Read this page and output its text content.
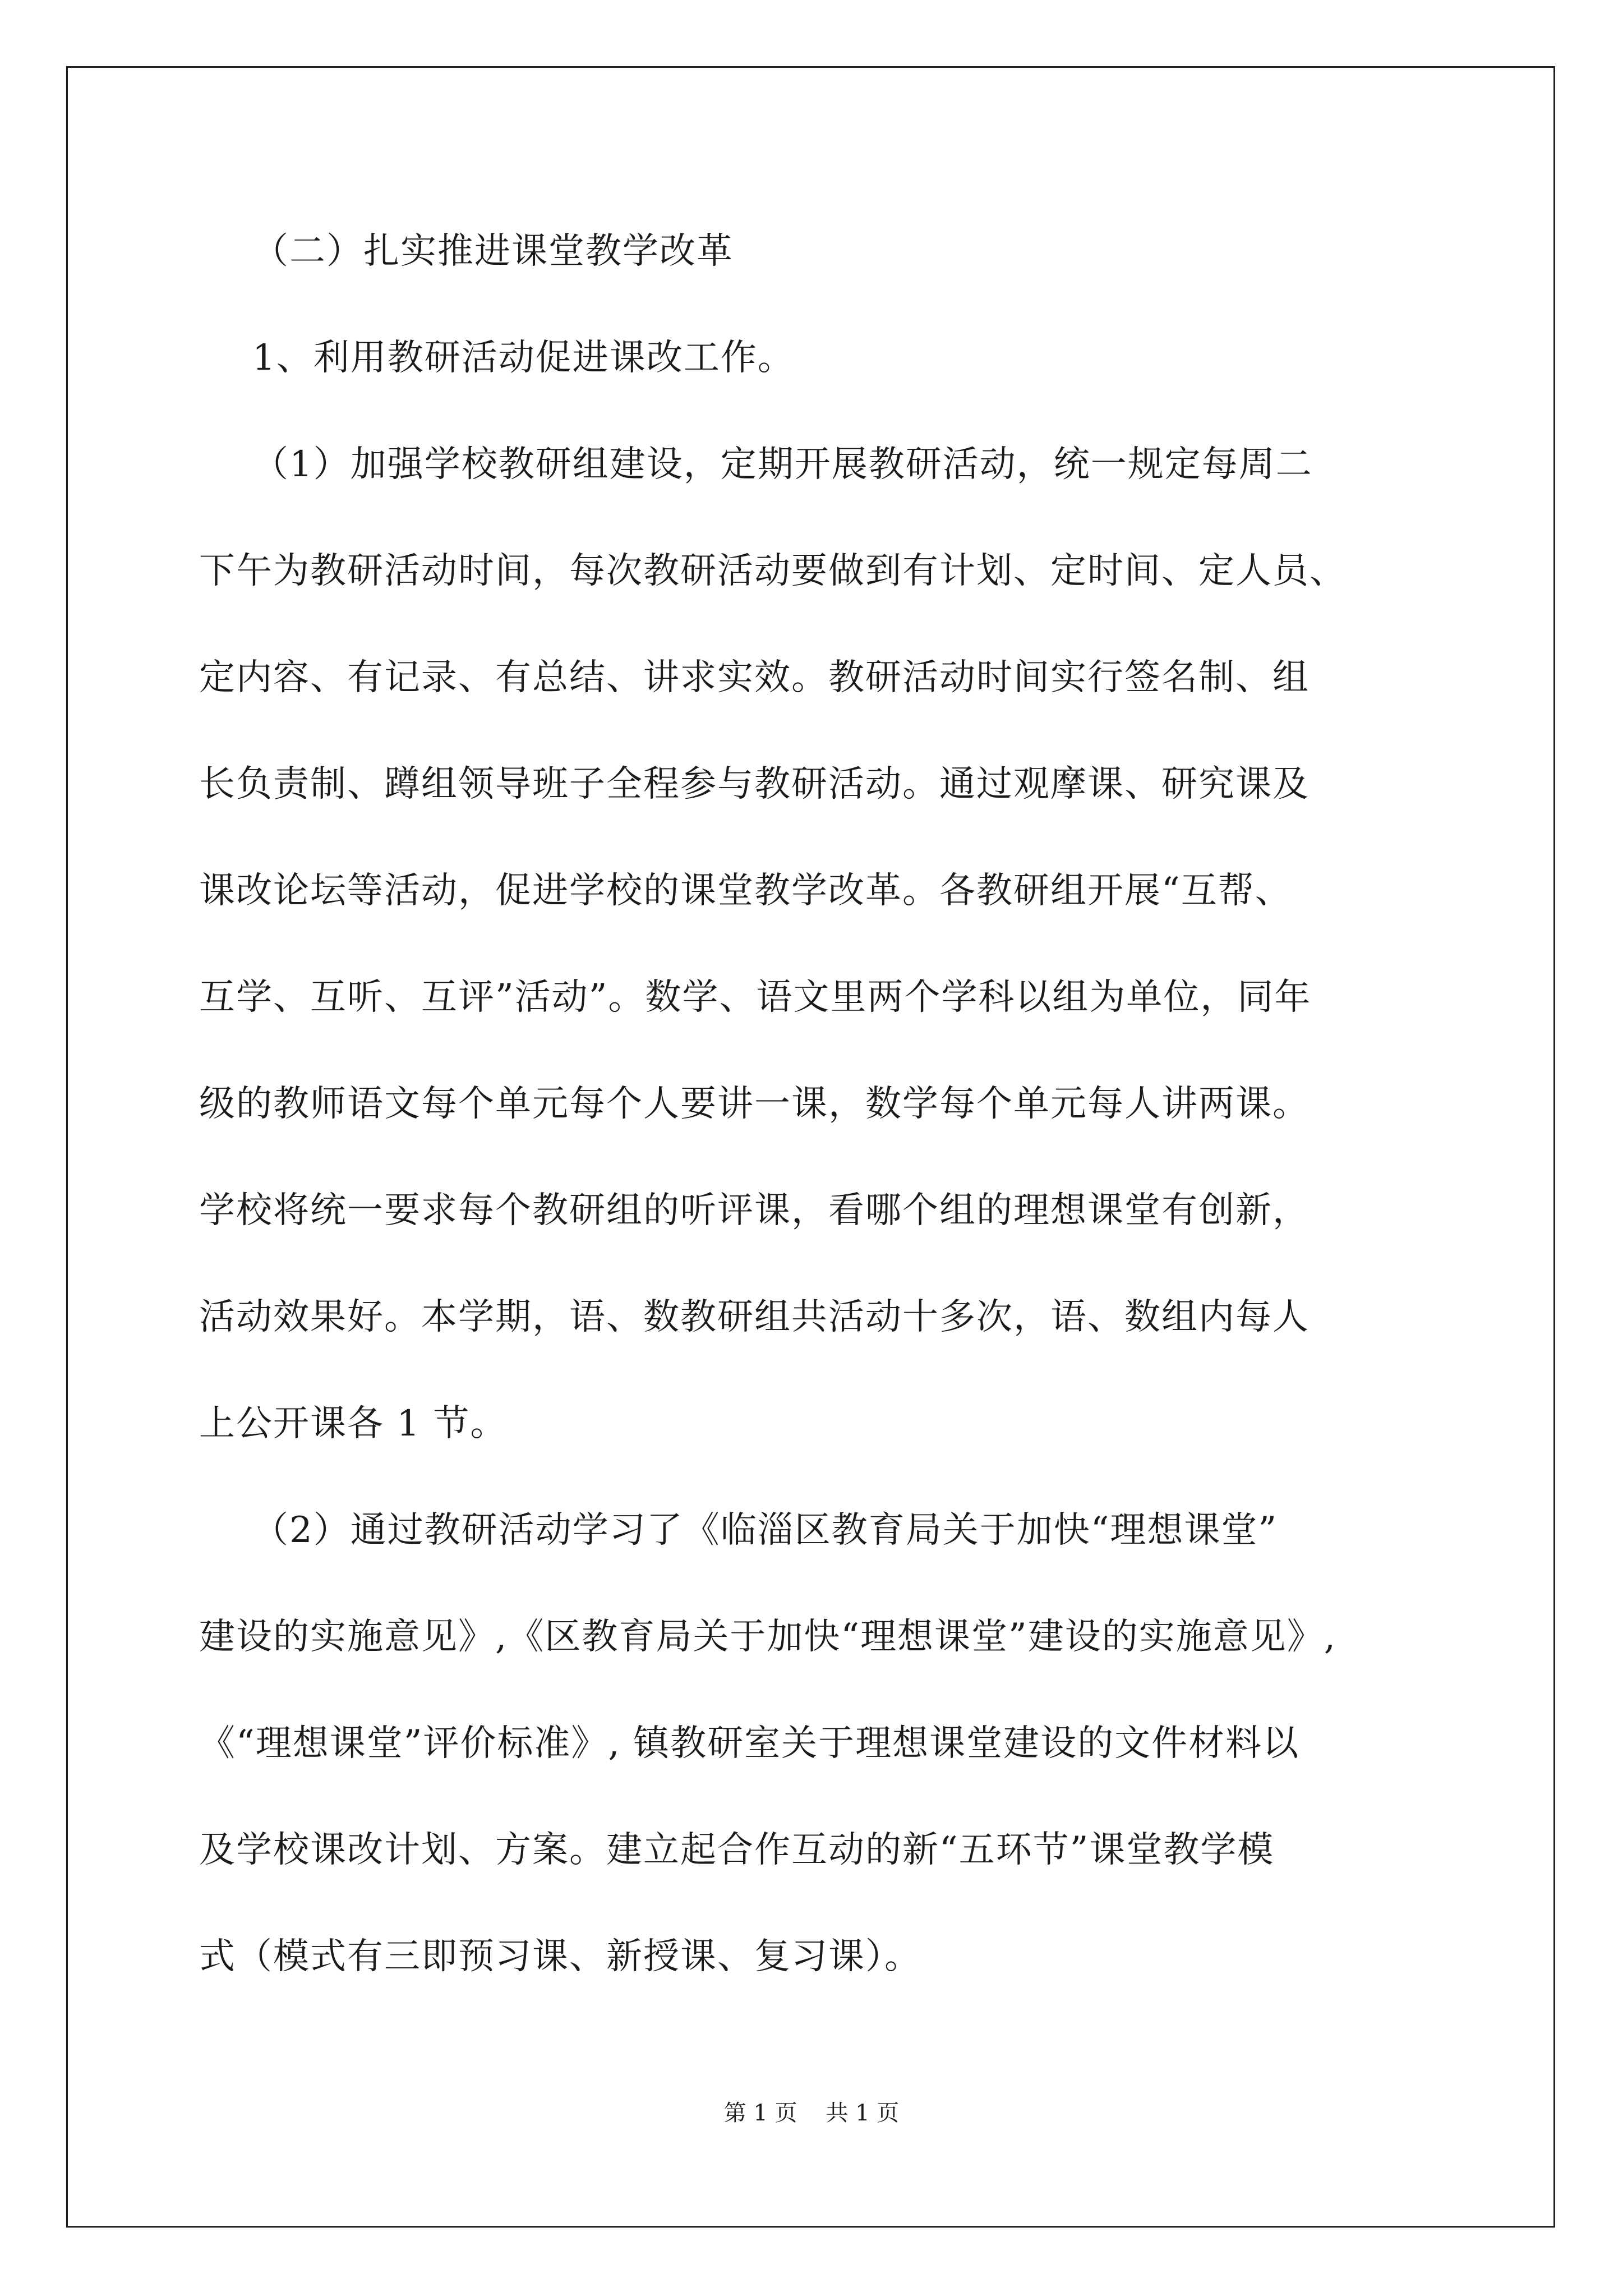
（二）扎实推进课堂教学改革
1、利用教研活动促进课改工作。
（1）加强学校教研组建设，定期开展教研活动，统一规定每周二
下午为教研活动时间，每次教研活动要做到有计划、定时间、定人员、
定内容、有记录、有总结、讲求实效。教研活动时间实行签名制、组
长负责制、蹲组领导班子全程参与教研活动。通过观摩课、研究课及
课改论坛等活动，促进学校的课堂教学改革。各教研组开展“互帮、
互学、互听、互评”活动”。数学、语文里两个学科以组为单位，同年
级的教师语文每个单元每个人要讲一课，数学每个单元每人讲两课。
学校将统一要求每个教研组的听评课，看哪个组的理想课堂有创新，
活动效果好。本学期，语、数教研组共活动十多次，语、数组内每人
上公开课各 1 节。
（2）通过教研活动学习了《临淄区教育局关于加快“理想课堂”
建设的实施意见》,《区教育局关于加快“理想课堂”建设的实施意见》,
《“理想课堂”评价标准》, 镇教研室关于理想课堂建设的文件材料以
及学校课改计划、方案。建立起合作互动的新“五环节”课堂教学模
式（模式有三即预习课、新授课、复习课）。
第 1 页    共 1 页
